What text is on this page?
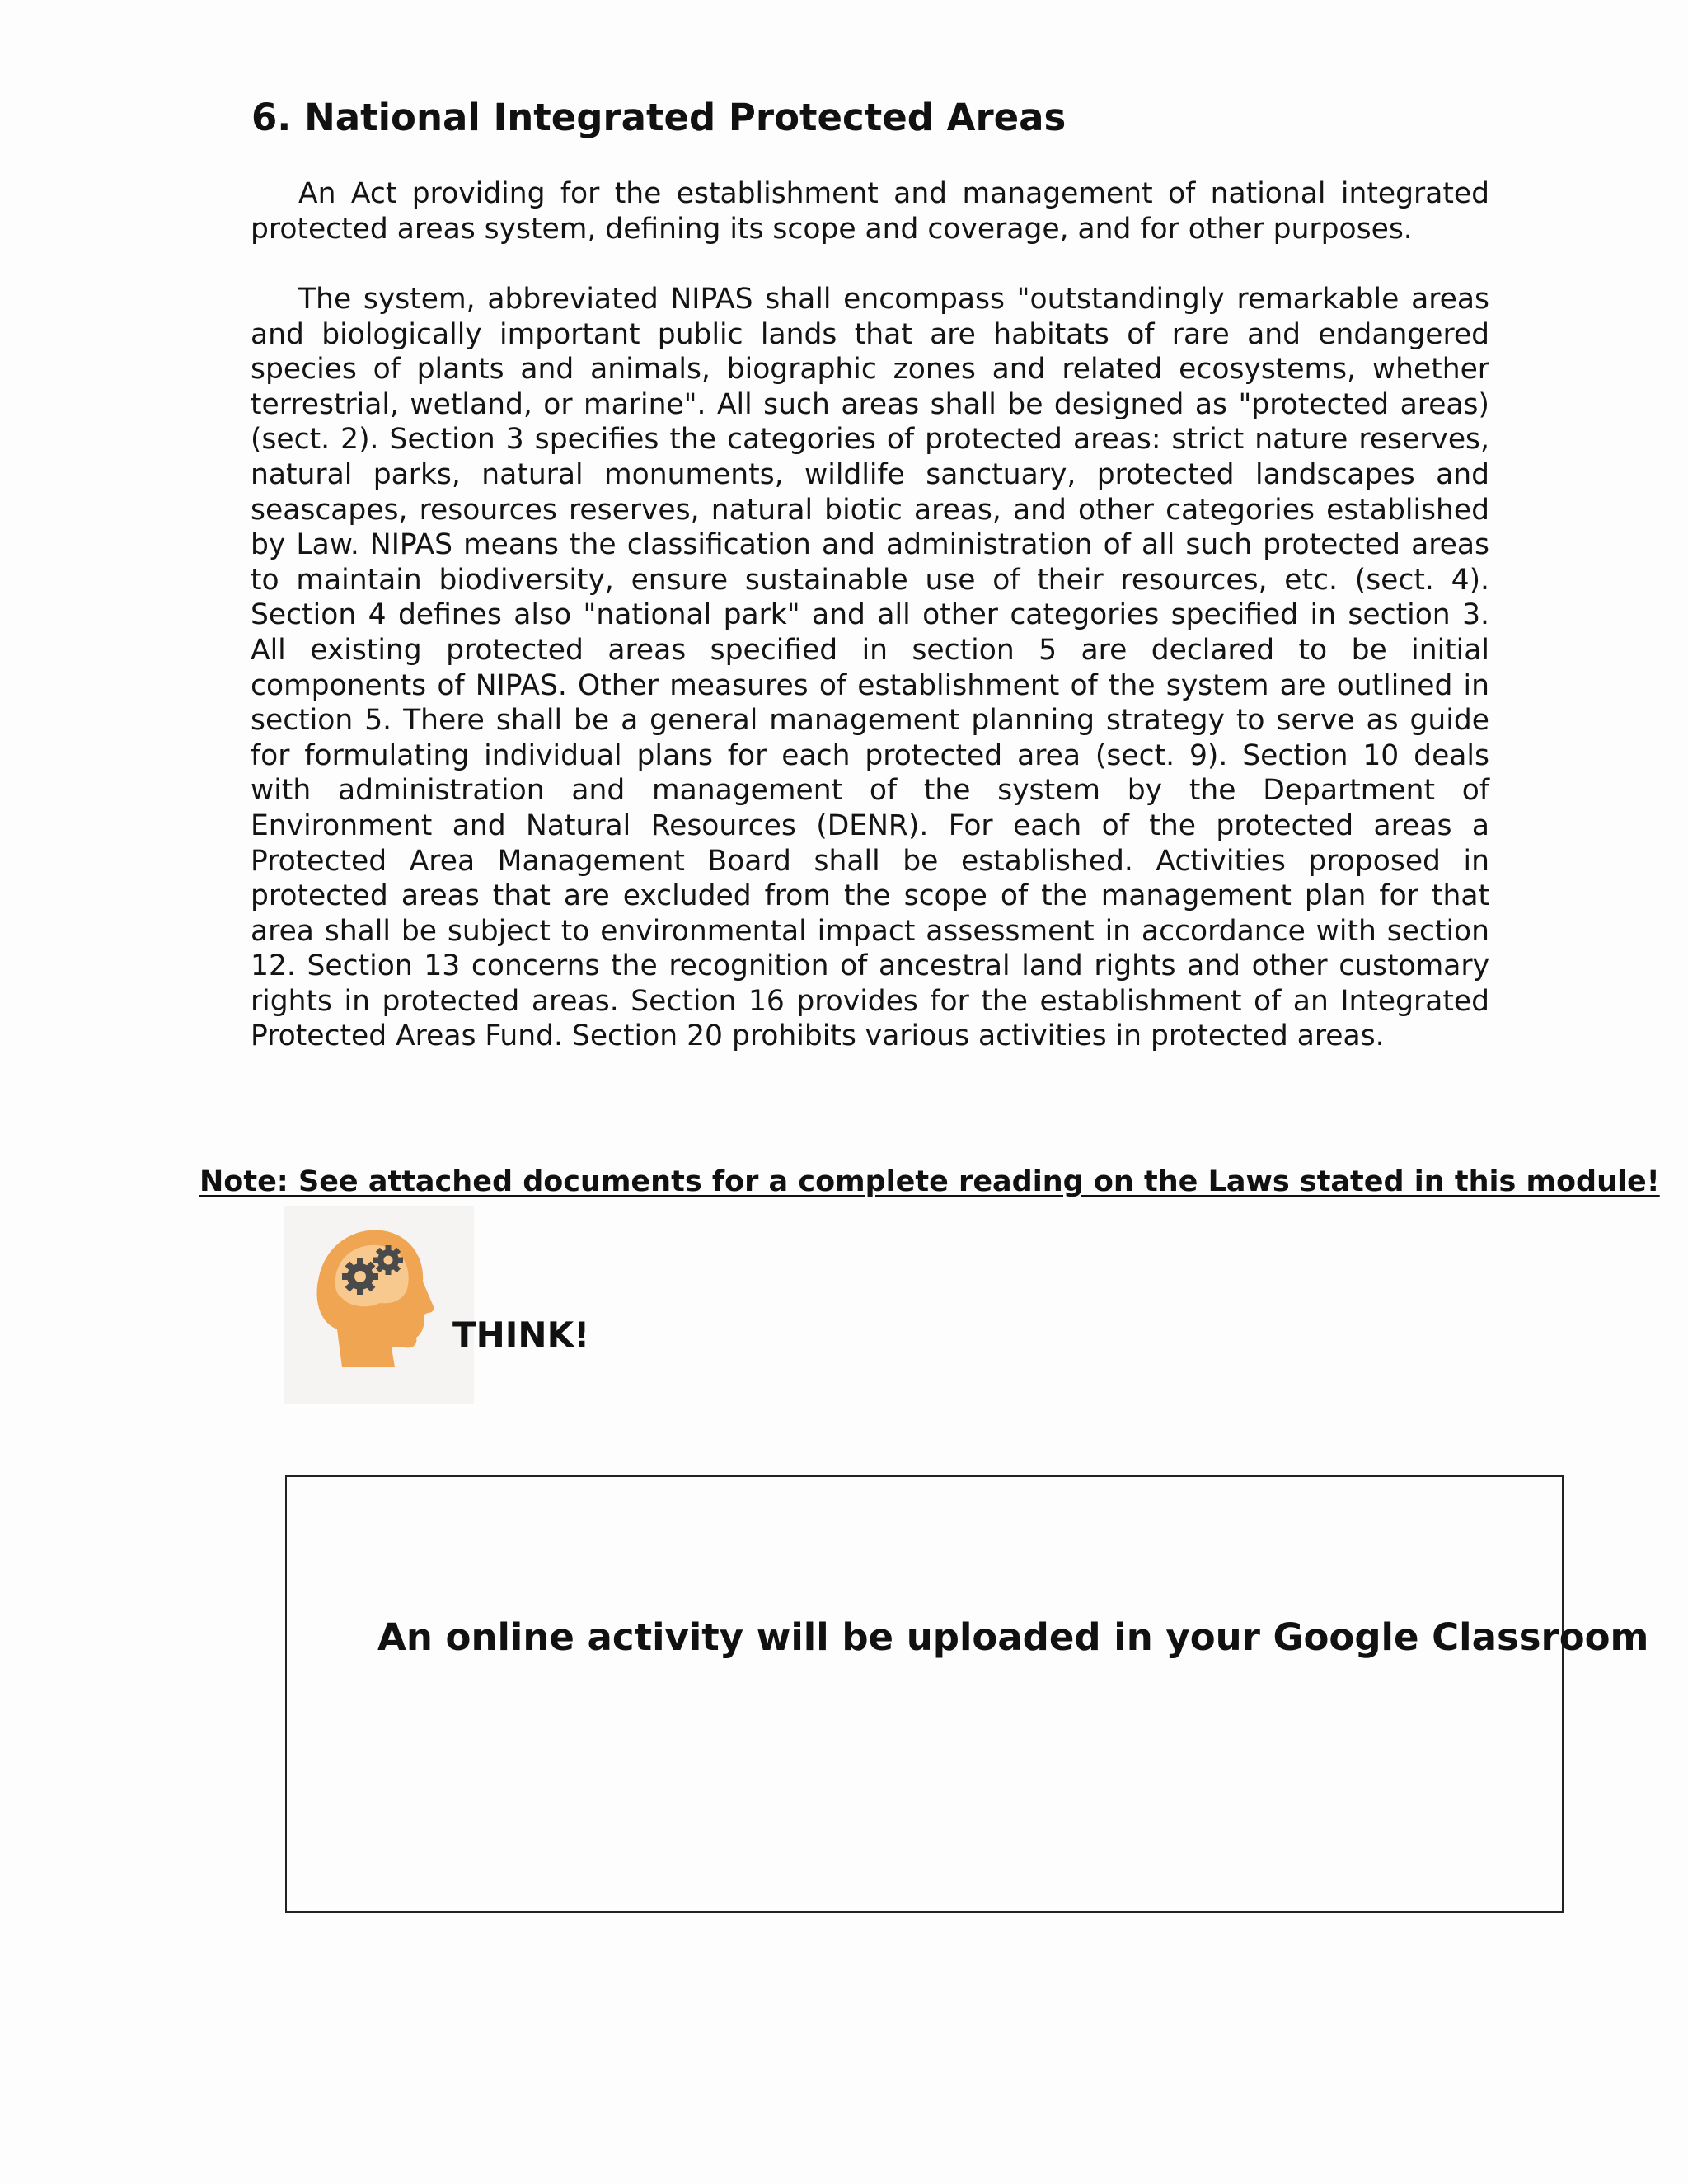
6. National Integrated Protected Areas

An Act providing for the establishment and management of national integrated protected areas system, defining its scope and coverage, and for other purposes.

The system, abbreviated NIPAS shall encompass "outstandingly remarkable areas and biologically important public lands that are habitats of rare and endangered species of plants and animals, biographic zones and related ecosystems, whether terrestrial, wetland, or marine". All such areas shall be designed as "protected areas) (sect. 2). Section 3 specifies the categories of protected areas: strict nature reserves, natural parks, natural monuments, wildlife sanctuary, protected landscapes and seascapes, resources reserves, natural biotic areas, and other categories established by Law. NIPAS means the classification and administration of all such protected areas to maintain biodiversity, ensure sustainable use of their resources, etc. (sect. 4). Section 4 defines also "national park" and all other categories specified in section 3. All existing protected areas specified in section 5 are declared to be initial components of NIPAS. Other measures of establishment of the system are outlined in section 5. There shall be a general management planning strategy to serve as guide for formulating individual plans for each protected area (sect. 9). Section 10 deals with administration and management of the system by the Department of Environment and Natural Resources (DENR). For each of the protected areas a Protected Area Management Board shall be established. Activities proposed in protected areas that are excluded from the scope of the management plan for that area shall be subject to environmental impact assessment in accordance with section 12. Section 13 concerns the recognition of ancestral land rights and other customary rights in protected areas. Section 16 provides for the establishment of an Integrated Protected Areas Fund. Section 20 prohibits various activities in protected areas.

Note: See attached documents for a complete reading on the Laws stated in this module!

THINK!

An online activity will be uploaded in your Google Classroom
